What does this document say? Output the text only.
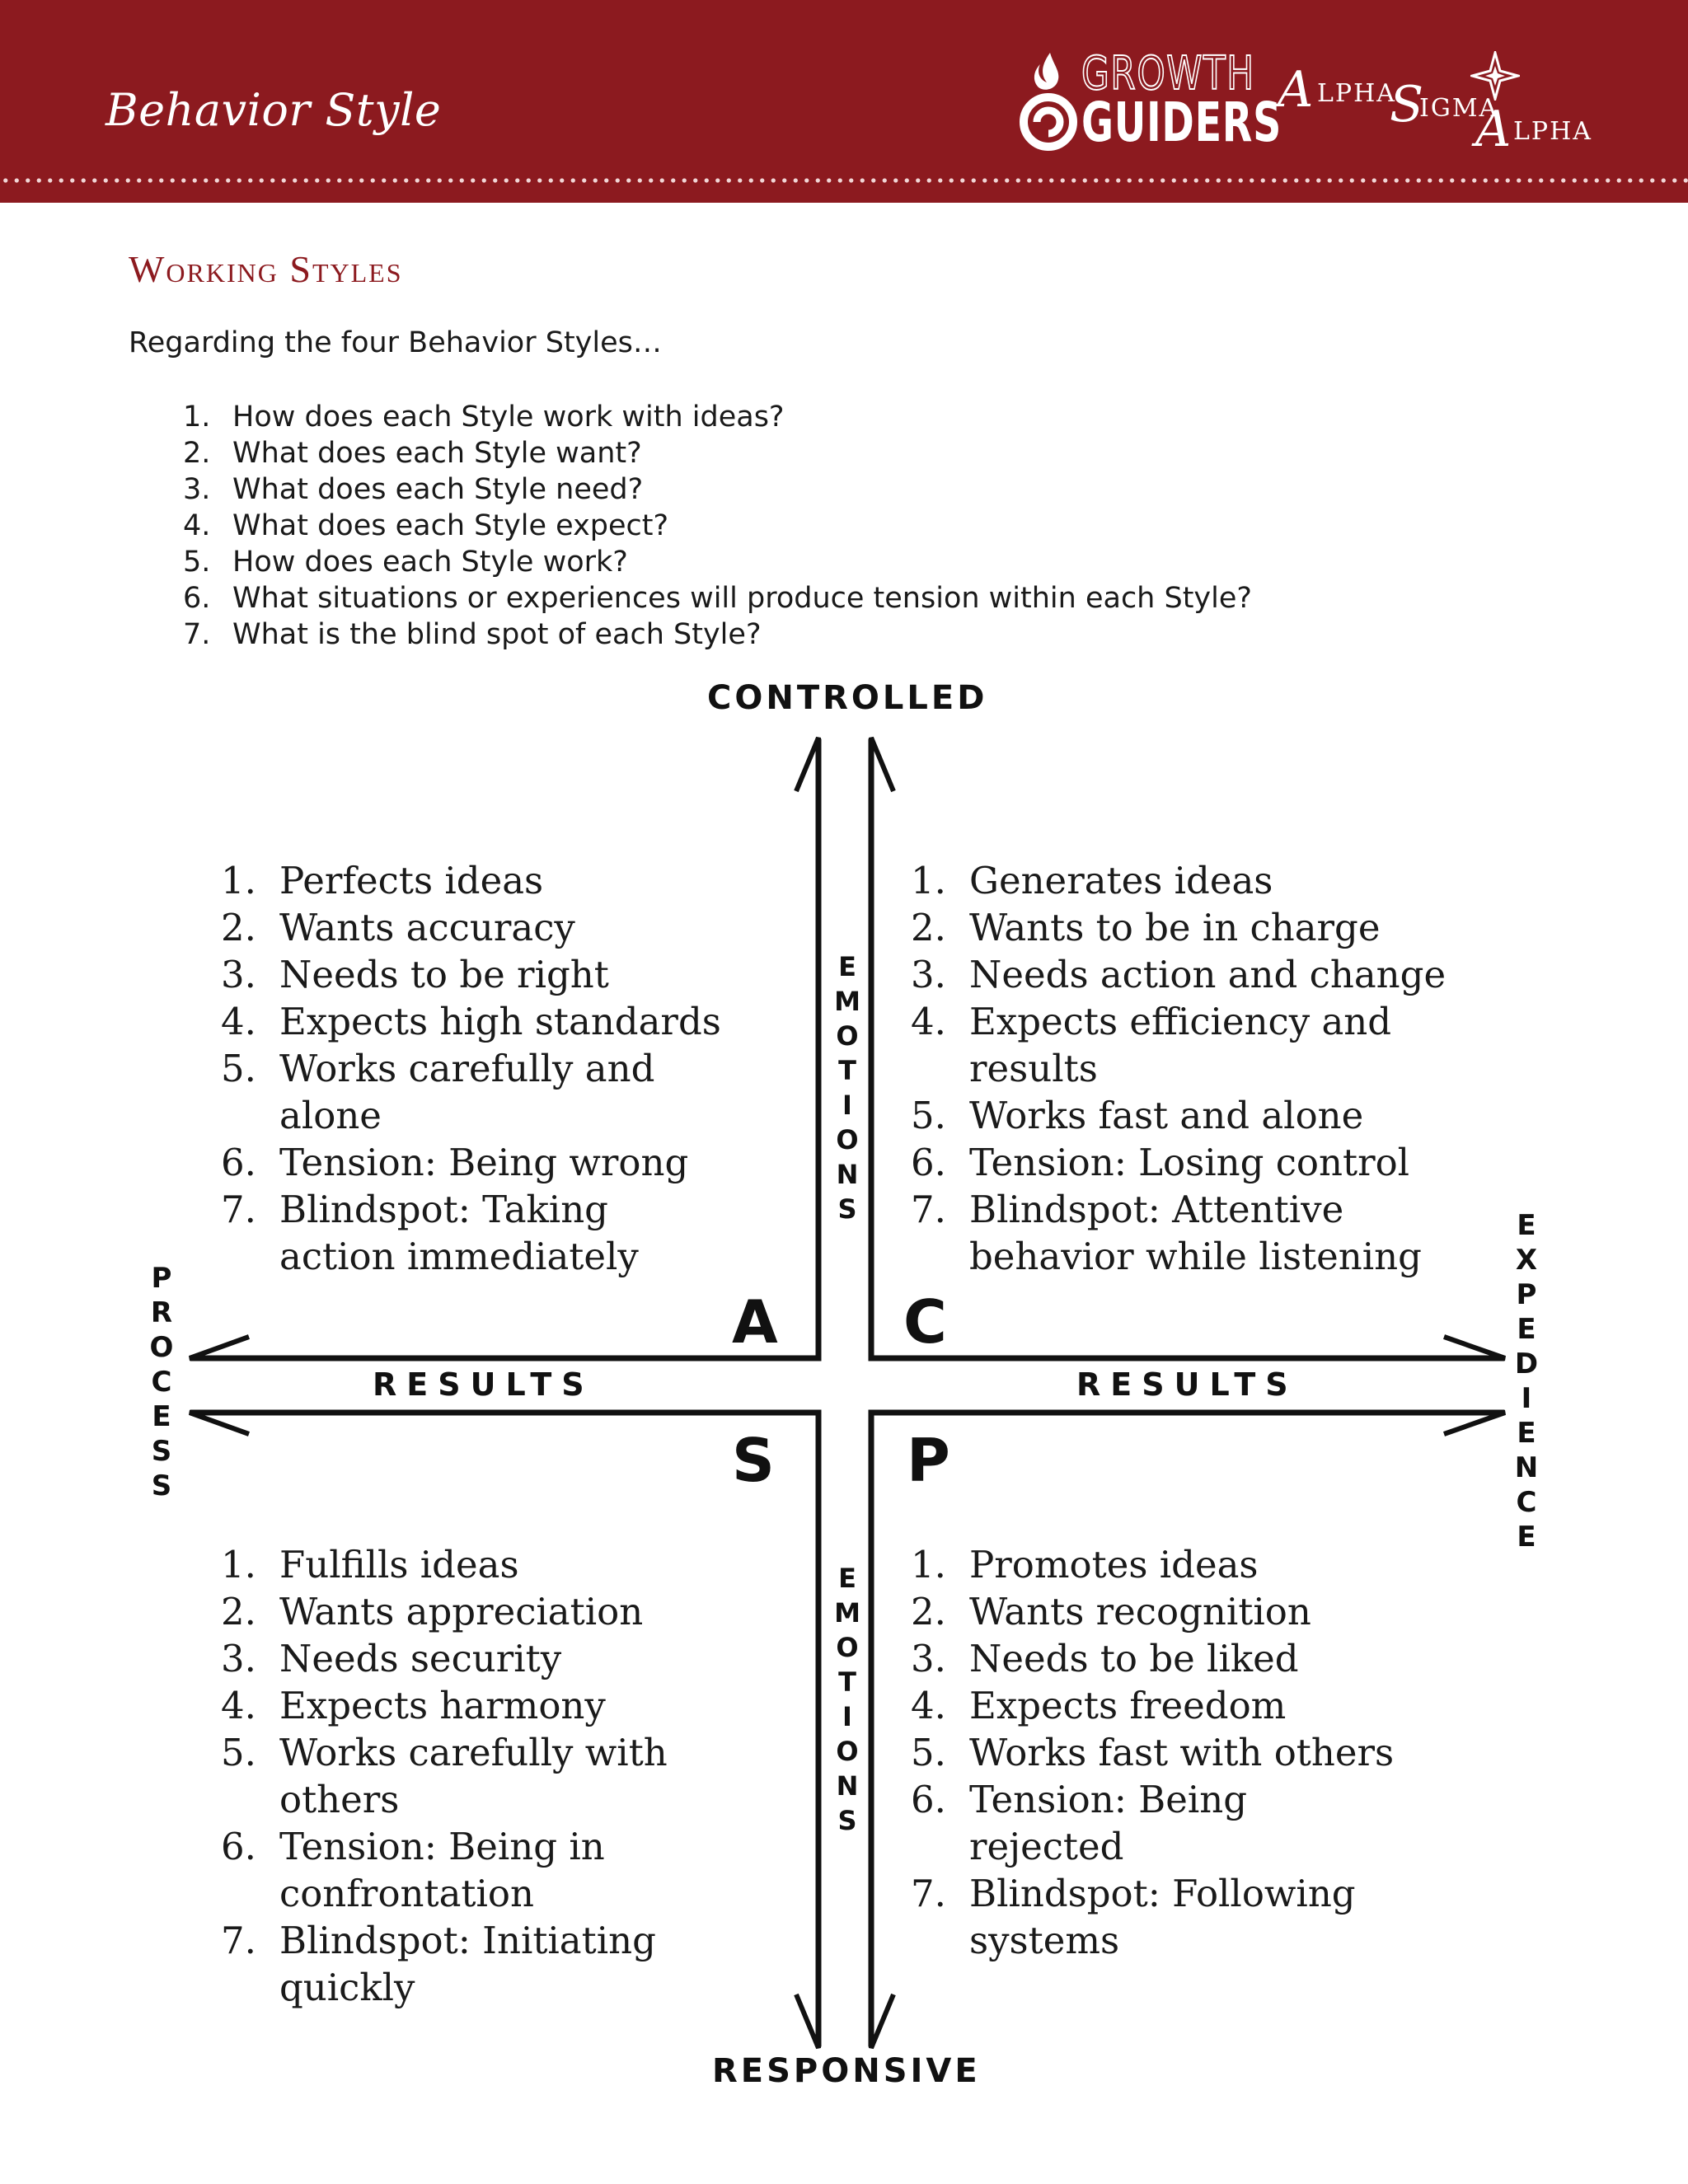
Behavior Style

GROWTH

GUIDERS

A LPHA
S
IGMA
A LPHA
Working Styles

Regarding the four Behavior Styles…

1. How does each Style work with ideas?
2. What does each Style want?
3. What does each Style need?
4. What does each Style expect?
5. How does each Style work?
6. What situations or experiences will produce tension within each Style?
7. What is the blind spot of each Style?

CONTROLLED

RESPONSIVE

RESULTS	RESULTS

P
R
O
C
E
S
S
E
X
P
E
D
I
E
N
C
E
E
M
O
T
I
O
N
S
E
M
O
T
I
O
N
S

A C

S P

1. Perfects ideas
2. Wants accuracy
3. Needs to be right
4. Expects high standards
5. Works carefully and alone
6. Tension: Being wrong
7. Blindspot: Taking action immediately
1. Generates ideas
2. Wants to be in charge
3. Needs action and change
4. Expects efficiency and results
5. Works fast and alone
6. Tension: Losing control
7. Blindspot: Attentive behavior while listening
1. Fulfills ideas
2. Wants appreciation
3. Needs security
4. Expects harmony
5. Works carefully with others
6. Tension: Being in confrontation
7. Blindspot: Initiating quickly
1. Promotes ideas
2. Wants recognition
3. Needs to be liked
4. Expects freedom
5. Works fast with others
6. Tension: Being rejected
7. Blindspot: Following systems
